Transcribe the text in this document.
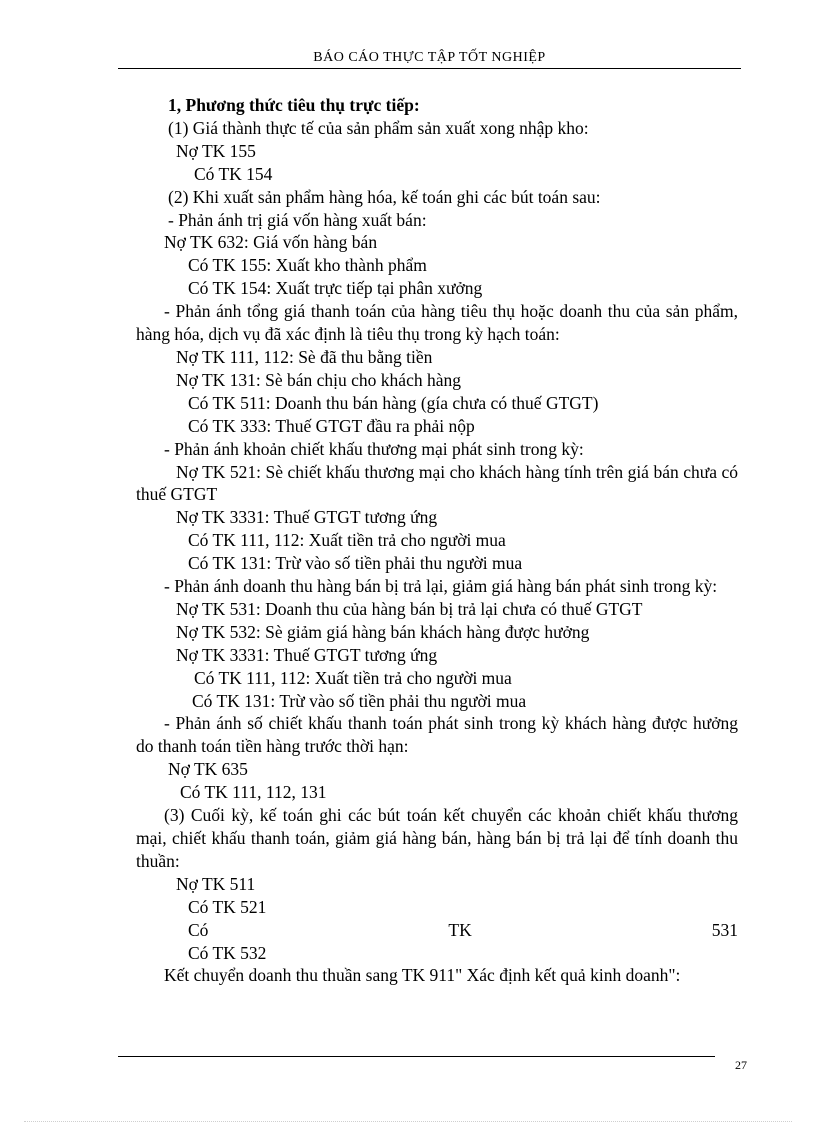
BÁO CÁO THỰC TẬP TỐT NGHIỆP
1, Phương thức tiêu thụ trực tiếp:
(1) Giá thành thực tế của sản phẩm sản xuất xong nhập kho:
Nợ TK 155
Có TK 154
(2) Khi xuất sản phẩm hàng hóa, kế toán ghi các bút toán sau:
- Phản ánh trị giá vốn hàng xuất bán:
Nợ TK 632: Giá vốn hàng bán
Có TK 155: Xuất kho thành phẩm
Có TK 154: Xuất trực tiếp tại phân xưởng
- Phản ánh tổng giá thanh toán của hàng tiêu thụ hoặc doanh thu của sản phẩm, hàng hóa, dịch vụ đã xác định là tiêu thụ trong kỳ hạch toán:
Nợ TK 111, 112: Sè đã thu bằng tiền
Nợ TK 131: Sè bán chịu cho khách hàng
Có TK 511: Doanh thu bán hàng (gía chưa có thuế GTGT)
Có TK 333: Thuế GTGT đầu ra phải nộp
- Phản ánh khoản chiết khấu thương mại phát sinh trong kỳ:
Nợ TK 521: Sè chiết khấu thương mại cho khách hàng tính trên giá bán chưa có thuế GTGT
Nợ TK 3331: Thuế GTGT tương ứng
Có TK 111, 112: Xuất tiền trả cho người mua
Có TK 131: Trừ vào số tiền phải thu người mua
- Phản ánh doanh thu hàng bán bị trả lại, giảm giá hàng bán phát sinh trong kỳ:
Nợ TK 531: Doanh thu của hàng bán bị trả lại chưa có thuế GTGT
Nợ TK 532: Sè giảm giá hàng bán khách hàng được hưởng
Nợ TK 3331: Thuế GTGT tương ứng
Có TK 111, 112: Xuất tiền trả cho người mua
Có TK 131: Trừ vào số tiền phải thu người mua
- Phản ánh số chiết khấu thanh toán phát sinh trong kỳ khách hàng được hưởng do thanh toán tiền hàng trước thời hạn:
Nợ TK 635
Có TK 111, 112, 131
(3) Cuối kỳ, kế toán ghi các bút toán kết chuyển các khoản chiết khấu thương mại, chiết khấu thanh toán, giảm giá hàng bán, hàng bán bị trả lại để tính doanh thu thuần:
Nợ TK 511
Có TK 521
Có	TK	531
Có TK 532
Kết chuyển doanh thu thuần sang TK 911" Xác định kết quả kinh doanh":
27
